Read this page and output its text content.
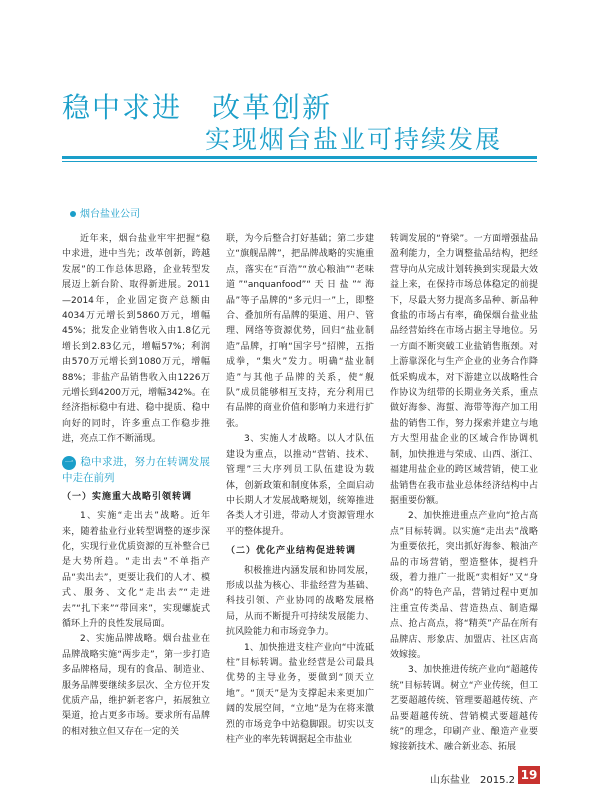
稳中求进　改革创新
实现烟台盐业可持续发展
烟台盐业公司

近年来，烟台盐业牢牢把握“稳中求进，进中当先；改革创新，跨越发展”的工作总体思路，企业转型发展迈上新台阶、取得新进展。2011—2014年，企业固定资产总额由4034万元增长到5860万元，增幅45%；批发企业销售收入由1.8亿元增长到2.83亿元，增幅57%；利润由570万元增长到1080万元，增幅88%；非盐产品销售收入由1226万元增长到4200万元，增幅342%。在经济指标稳中有进、稳中提质、稳中向好的同时，许多重点工作稳步推进，亮点工作不断涌现。

一 稳中求进，努力在转调发展中走在前列
（一）实施重大战略引领转调

1、实施“走出去”战略。近年来，随着盐业行业转型调整的逐步深化，实现行业优质资源的互补整合已是大势所趋。“走出去”不单指产品“卖出去”，更要让我们的人才、模式、服务、文化“走出去”“走进去”“扎下来”“带回来”，实现螺旋式循环上升的良性发展局面。

2、实施品牌战略。烟台盐业在品牌战略实施“两步走”，第一步打造多品牌格局，现有的食品、制造业、服务品牌要继续多层次、全方位开发优质产品，维护新老客户，拓展独立渠道，抢占更多市场。要求所有品牌的相对独立但又存在一定的关

联，为今后整合打好基础；第二步建立“旗舰品牌”，把品牌战略的实施重点，落实在“百浩”“放心粮油”“老味道”“anquanfood”“天日盐”“海晶”等子品牌的“多元归一”上，即整合、叠加所有品牌的渠道、用户、管理、网络等资源优势，回归“盐业制造”品牌，打响“国字号”招牌，五指成拳，“集火”发力。明确“盐业制造”与其他子品牌的关系，使“舰队”成员能够相互支持，充分利用已有品牌的商业价值和影响力来进行扩张。

3、实施人才战略。以人才队伍建设为重点，以推动“营销、技术、管理”三大序列员工队伍建设为载体，创新政策和制度体系，全面启动中长期人才发展战略规划，统筹推进各类人才引进，带动人才资源管理水平的整体提升。

（二）优化产业结构促进转调

积极推进内涵发展和协同发展，形成以盐为核心、非盐经营为基础、科技引领、产业协同的战略发展格局，从而不断提升可持续发展能力、抗风险能力和市场竞争力。

1、加快推进支柱产业向“中流砥柱”目标转调。盐业经营是公司最具优势的主导业务，要做到“顶天立地”。“顶天”是为支撑起未来更加广阔的发展空间，“立地”是为在将来激烈的市场竞争中站稳脚跟。切实以支柱产业的率先转调据起全市盐业

转调发展的“脊梁”。一方面增强盐品盈利能力，全力调整盐品结构，把经营导向从完成计划转换到实现最大效益上来，在保持市场总体稳定的前提下，尽最大努力提高多品种、新品种食盐的市场占有率，确保烟台盐业盐品经营始终在市场占据主导地位。另一方面不断突破工业盐销售瓶颈。对上游靠深化与生产企业的业务合作降低采购成本，对下游建立以战略性合作协议为纽带的长期业务关系，重点做好海参、海蜇、海带等海产加工用盐的销售工作，努力探索并建立与地方大型用盐企业的区域合作协调机制，加快推进与荣成、山西、浙江、福建用盐企业的跨区域营销，使工业盐销售在我市盐业总体经济结构中占据重要份额。

2、加快推进重点产业向“抢占高点”目标转调。以实施“走出去”战略为重要依托，突出抓好海参、粮油产品的市场营销，塑造整体，提档升级，着力推广一批既“卖相好”又“身价高”的特色产品，营销过程中更加注重宣传类品、营造热点、制造爆点、抢占高点，将“精英”产品在所有品牌店、形象店、加盟店、社区店高效嫁接。

3、加快推进传统产业向“超越传统”目标转调。树立“产业传统，但工艺要超越传统、管理要超越传统、产品要超越传统、营销模式要超越传统”的理念，印刷产业、酿造产业要嫁接新技术、融合新业态、拓展

山东盐业　2015.2 19
